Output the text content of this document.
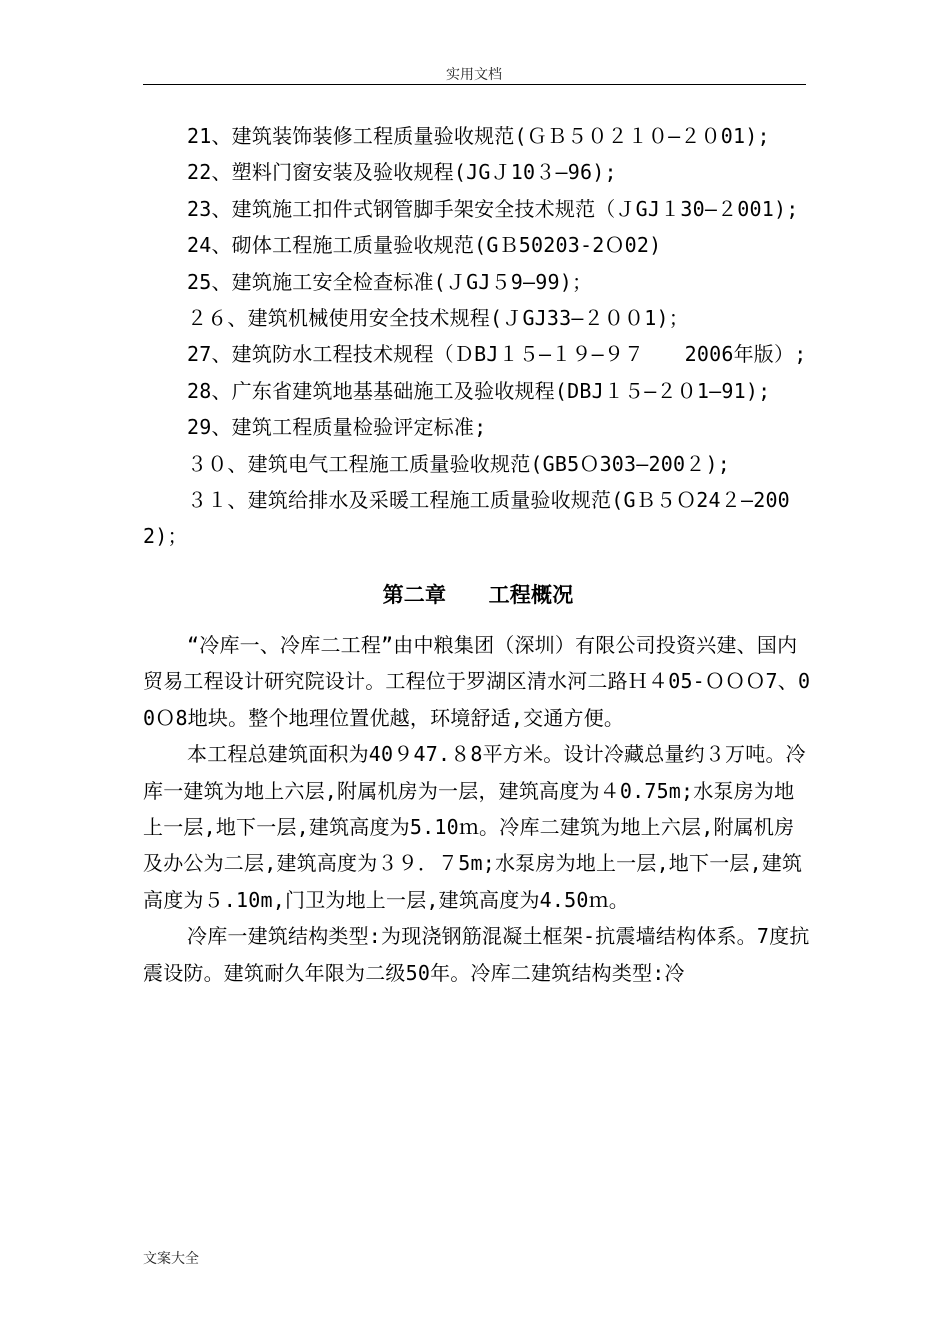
实用文档

21、建筑装饰装修工程质量验收规范(ＧＢ５０２１０—２０01);

22、塑料门窗安装及验收规程(JGＪ10３—96);

23、建筑施工扣件式钢管脚手架安全技术规范（ＪGJ１30—２001);

24、砌体工程施工质量验收规范(GＢ50203-2Ｏ02)

25、建筑施工安全检查标准(ＪGJ５9—99)；

２６、建筑机械使用安全技术规程(ＪGJ33—２００1)；

27、建筑防水工程技术规程（ＤBJ１５—１９—９７　　2006年版）;

28、广东省建筑地基基础施工及验收规程(DBJ１５—２０1—91);

29、建筑工程质量检验评定标准;

３０、建筑电气工程施工质量验收规范(GB5Ｏ303—200２);

３１、建筑给排水及采暖工程施工质量验收规范(GＢ５Ｏ24２—2002)；

第二章　　工程概况

“冷库一、冷库二工程”由中粮集团（深圳）有限公司投资兴建、国内贸易工程设计研究院设计。工程位于罗湖区清水河二路Ｈ４05-ＯＯＯ7、00Ｏ8地块。整个地理位置优越，环境舒适,交通方便。

本工程总建筑面积为40９47.８8平方米。设计冷藏总量约３万吨。冷库一建筑为地上六层,附属机房为一层，建筑高度为４0.75m;水泵房为地上一层,地下一层,建筑高度为5.10ｍ。冷库二建筑为地上六层,附属机房及办公为二层,建筑高度为３９．７5m;水泵房为地上一层,地下一层,建筑高度为５.10m,门卫为地上一层,建筑高度为4.50ｍ。

冷库一建筑结构类型:为现浇钢筋混凝土框架-抗震墙结构体系。7度抗震设防。建筑耐久年限为二级50年。冷库二建筑结构类型:冷

文案大全
